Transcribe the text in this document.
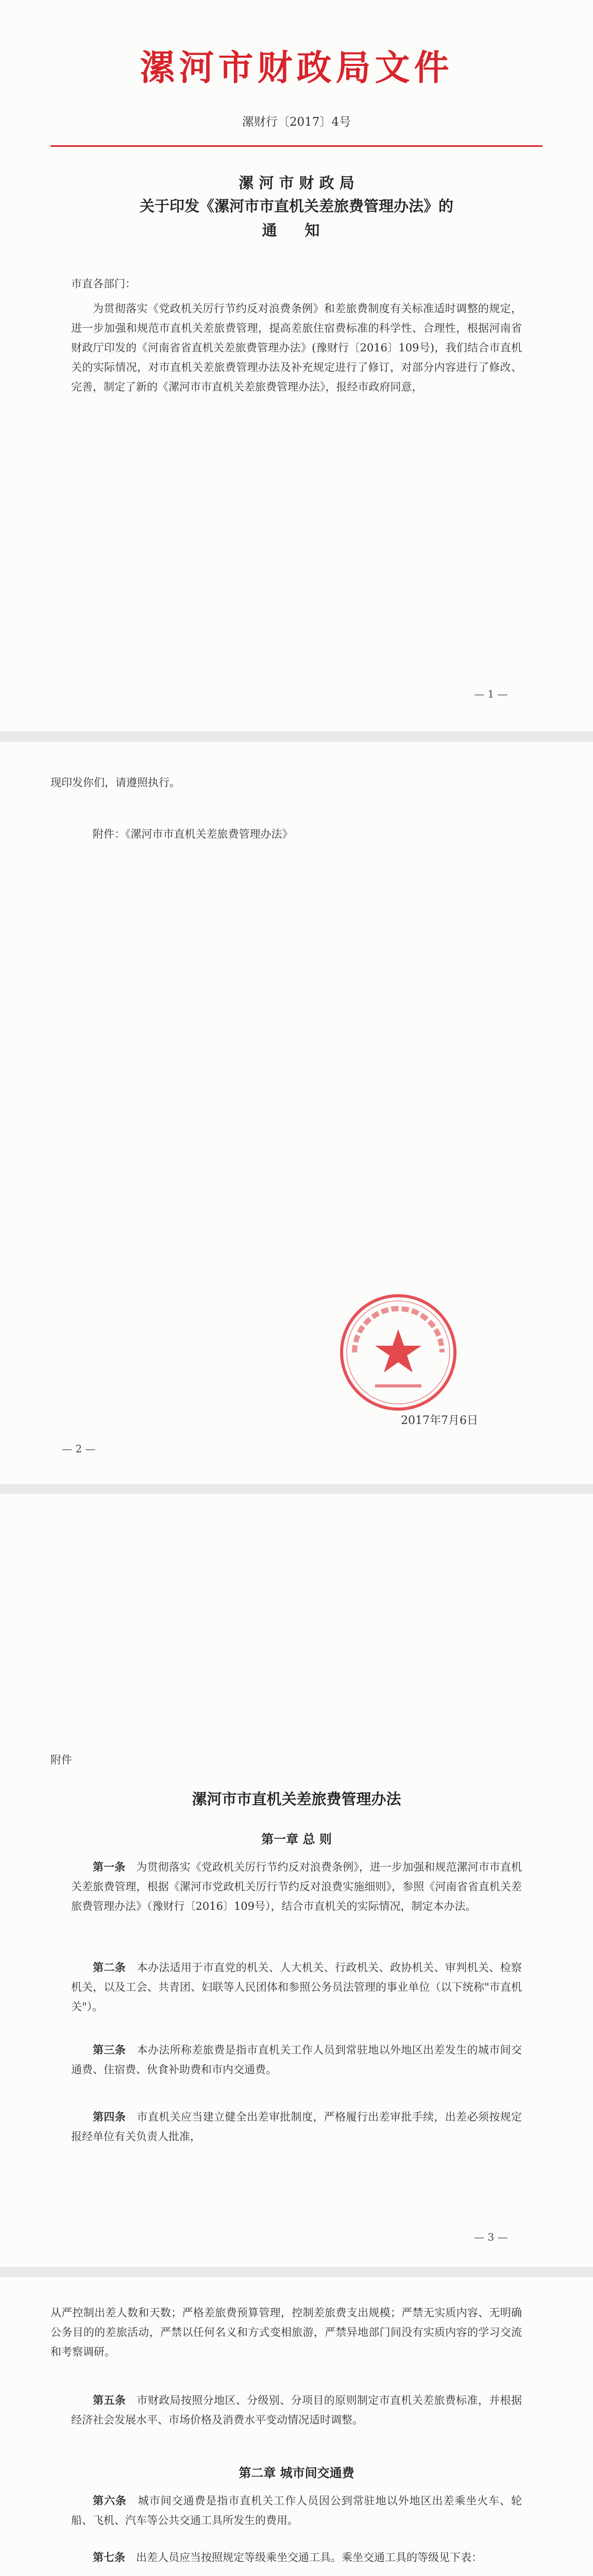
漯河市财政局文件
漯财行〔2017〕4号
漯 河 市 财 政 局
关于印发《漯河市市直机关差旅费管理办法》的
通 知
市直各部门：
为贯彻落实《党政机关厉行节约反对浪费条例》和差旅费制度有关标准适时调整的规定，进一步加强和规范市直机关差旅费管理，提高差旅住宿费标准的科学性、合理性，根据河南省财政厅印发的《河南省省直机关差旅费管理办法》(豫财行〔2016〕109号)，我们结合市直机关的实际情况，对市直机关差旅费管理办法及补充规定进行了修订，对部分内容进行了修改、完善，制定了新的《漯河市市直机关差旅费管理办法》，报经市政府同意，
— 1 —
现印发你们，请遵照执行。
附件：《漯河市市直机关差旅费管理办法》
2017年7月6日
— 2 —
附件
漯河市市直机关差旅费管理办法
第一章 总 则
第一条　 为贯彻落实《党政机关厉行节约反对浪费条例》，进一步加强和规范漯河市市直机关差旅费管理，根据《漯河市党政机关厉行节约反对浪费实施细则》，参照《河南省省直机关差旅费管理办法》（豫财行〔2016〕109号），结合市直机关的实际情况，制定本办法。
第二条　 本办法适用于市直党的机关、人大机关、行政机关、政协机关、审判机关、检察机关，以及工会、共青团、妇联等人民团体和参照公务员法管理的事业单位（以下统称"市直机关"）。
第三条　 本办法所称差旅费是指市直机关工作人员到常驻地以外地区出差发生的城市间交通费、住宿费、伙食补助费和市内交通费。
第四条　 市直机关应当建立健全出差审批制度，严格履行出差审批手续，出差必须按规定报经单位有关负责人批准，
— 3 —
从严控制出差人数和天数；严格差旅费预算管理，控制差旅费支出规模；严禁无实质内容、无明确公务目的的差旅活动，严禁以任何名义和方式变相旅游，严禁异地部门间没有实质内容的学习交流和考察调研。
第五条　 市财政局按照分地区、分级别、分项目的原则制定市直机关差旅费标准，并根据经济社会发展水平、市场价格及消费水平变动情况适时调整。
第二章 城市间交通费
第六条　 城市间交通费是指市直机关工作人员因公到常驻地以外地区出差乘坐火车、轮船、飞机、汽车等公共交通工具所发生的费用。
第七条　 出差人员应当按照规定等级乘坐交通工具。乘坐交通工具的等级见下表：
